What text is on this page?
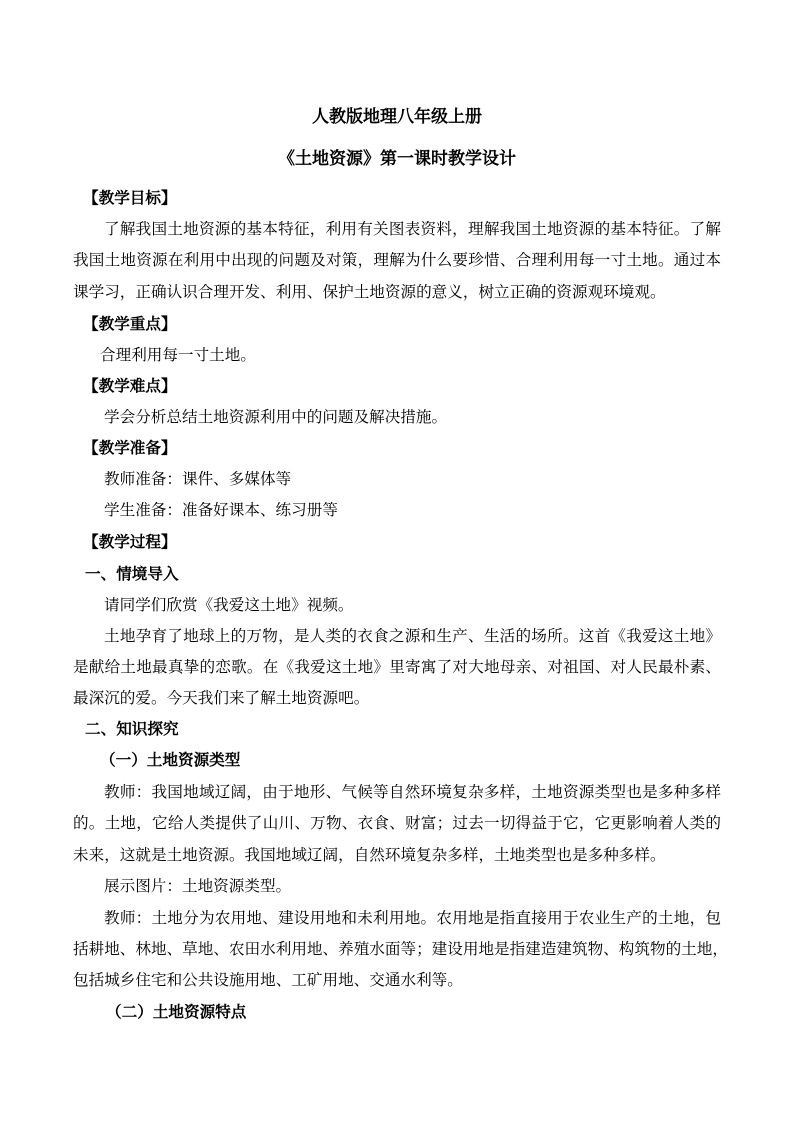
人教版地理八年级上册
《土地资源》第一课时教学设计
【教学目标】
了解我国土地资源的基本特征，利用有关图表资料，理解我国土地资源的基本特征。了解
我国土地资源在利用中出现的问题及对策，理解为什么要珍惜、合理利用每一寸土地。通过本
课学习，正确认识合理开发、利用、保护土地资源的意义，树立正确的资源观环境观。
【教学重点】
合理利用每一寸土地。
【教学难点】
学会分析总结土地资源利用中的问题及解决措施。
【教学准备】
教师准备：课件、多媒体等
学生准备：准备好课本、练习册等
【教学过程】
一、情境导入
请同学们欣赏《我爱这土地》视频。
土地孕育了地球上的万物，是人类的衣食之源和生产、生活的场所。这首《我爱这土地》
是献给土地最真挚的恋歌。在《我爱这土地》里寄寓了对大地母亲、对祖国、对人民最朴素、
最深沉的爱。今天我们来了解土地资源吧。
二、知识探究
（一）土地资源类型
教师：我国地域辽阔，由于地形、气候等自然环境复杂多样，土地资源类型也是多种多样
的。土地，它给人类提供了山川、万物、衣食、财富；过去一切得益于它，它更影响着人类的
未来，这就是土地资源。我国地域辽阔，自然环境复杂多样，土地类型也是多种多样。
展示图片：土地资源类型。
教师：土地分为农用地、建设用地和未利用地。农用地是指直接用于农业生产的土地，包
括耕地、林地、草地、农田水利用地、养殖水面等；建设用地是指建造建筑物、构筑物的土地，
包括城乡住宅和公共设施用地、工矿用地、交通水利等。
（二）土地资源特点
